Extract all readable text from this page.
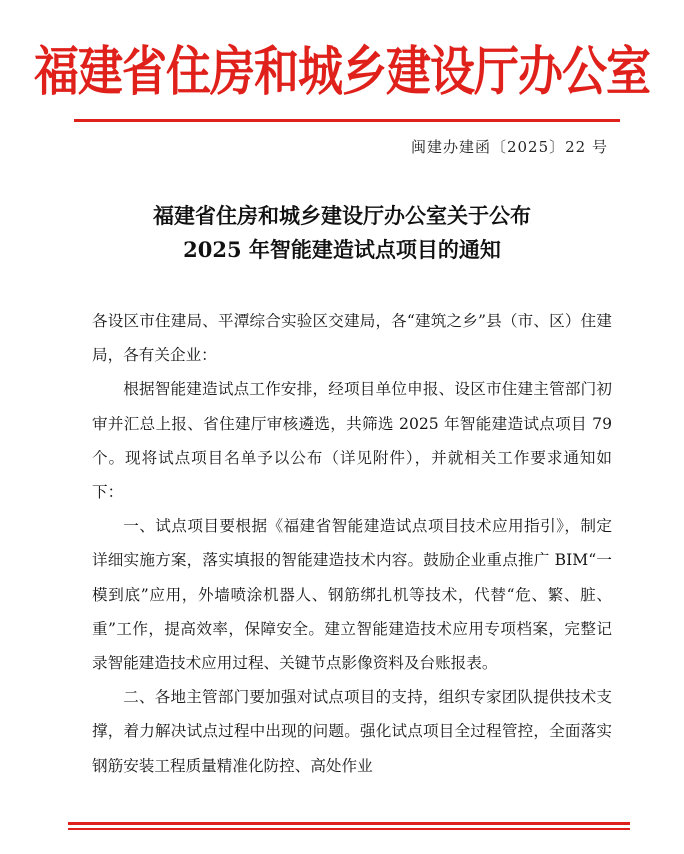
福建省住房和城乡建设厅办公室
闽建办建函〔2025〕22 号
福建省住房和城乡建设厅办公室关于公布
2025 年智能建造试点项目的通知

各设区市住建局、平潭综合实验区交建局，各“建筑之乡”县（市、区）住建局，各有关企业：

根据智能建造试点工作安排，经项目单位申报、设区市住建主管部门初审并汇总上报、省住建厅审核遴选，共筛选 2025 年智能建造试点项目 79 个。现将试点项目名单予以公布（详见附件），并就相关工作要求通知如下：

一、试点项目要根据《福建省智能建造试点项目技术应用指引》，制定详细实施方案，落实填报的智能建造技术内容。鼓励企业重点推广 BIM“一模到底”应用，外墙喷涂机器人、钢筋绑扎机等技术，代替“危、繁、脏、重”工作，提高效率，保障安全。建立智能建造技术应用专项档案，完整记录智能建造技术应用过程、关键节点影像资料及台账报表。

二、各地主管部门要加强对试点项目的支持，组织专家团队提供技术支撑，着力解决试点过程中出现的问题。强化试点项目全过程管控，全面落实钢筋安装工程质量精准化防控、高处作业
